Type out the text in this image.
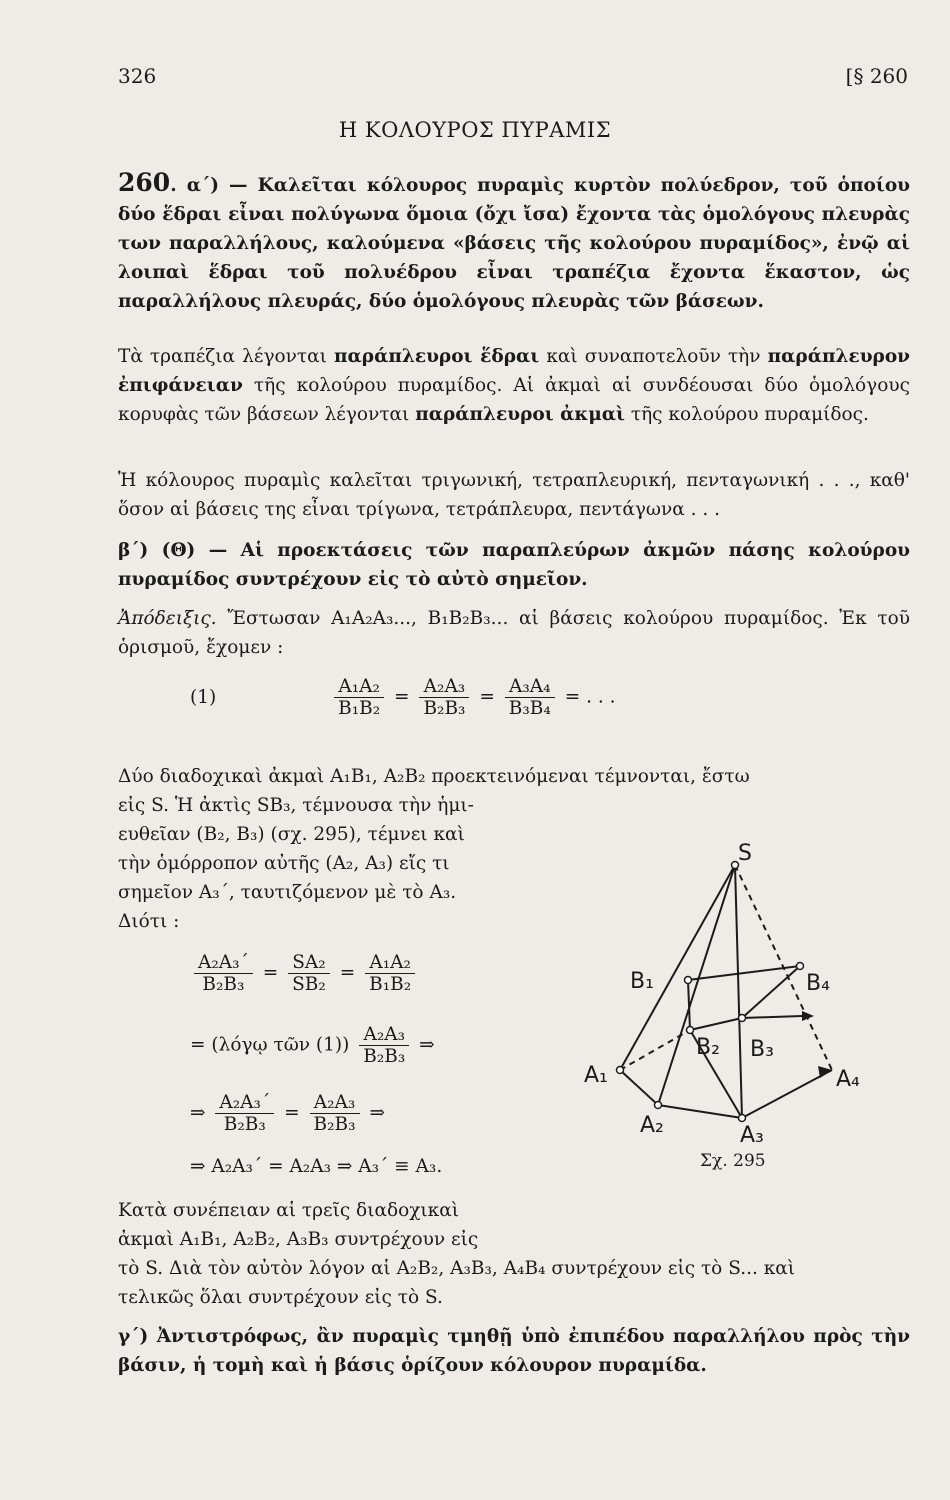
326	[§ 260
Η ΚΟΛΟΥΡΟΣ ΠΥΡΑΜΙΣ
260. α΄) — Καλεῖται κόλουρος πυραμὶς κυρτὸν πολύεδρον, τοῦ ὁποίου δύο ἕδραι εἶναι πολύγωνα ὅμοια (ὄχι ἴσα) ἔχοντα τὰς ὁμολόγους πλευρὰς των παραλλήλους, καλούμενα «βάσεις τῆς κολούρου πυραμίδος», ἐνῷ αἱ λοιπαὶ ἕδραι τοῦ πολυέδρου εἶναι τραπέζια ἔχοντα ἕκαστον, ὡς παραλλήλους πλευράς, δύο ὁμολόγους πλευρὰς τῶν βάσεων.
Τὰ τραπέζια λέγονται παράπλευροι ἕδραι καὶ συναποτελοῦν τὴν παράπλευρον ἐπιφάνειαν τῆς κολούρου πυραμίδος. Αἱ ἀκμαὶ αἱ συνδέουσαι δύο ὁμολόγους κορυφὰς τῶν βάσεων λέγονται παράπλευροι ἀκμαὶ τῆς κολούρου πυραμίδος.
Ἡ κόλουρος πυραμὶς καλεῖται τριγωνική, τετραπλευρική, πενταγωνική . . ., καθ' ὅσον αἱ βάσεις της εἶναι τρίγωνα, τετράπλευρα, πεντάγωνα . . .
β΄) (Θ) — Αἱ προεκτάσεις τῶν παραπλεύρων ἀκμῶν πάσης κολούρου πυραμίδος συντρέχουν εἰς τὸ αὐτὸ σημεῖον.
Ἀπόδειξις. Ἔστωσαν A₁A₂A₃..., B₁B₂B₃... αἱ βάσεις κολούρου πυραμίδος. Ἐκ τοῦ ὁρισμοῦ, ἔχομεν :
(1)	$\frac{\text{A₁A₂}}{\text{B₁B₂}} = \frac{\text{A₂A₃}}{\text{B₂B₃}} = \frac{\text{A₃A₄}}{\text{B₃B₄}}$ = . . .
Δύο διαδοχικαὶ ἀκμαὶ A₁B₁, A₂B₂ προεκτεινόμεναι τέμνονται, ἔστω
εἰς S. Ἡ ἀκτὶς SB₃, τέμνουσα τὴν ἡμι-
ευθεῖαν (B₂, B₃) (σχ. 295), τέμνει καὶ
τὴν ὁμόρροπον αὐτῆς (A₂, A₃) εἴς τι
σημεῖον A₃΄, ταυτιζόμενον μὲ τὸ A₃.
Διότι :
$\frac{\text{A₂A₃΄}}{\text{B₂B₃}} = \frac{\text{SA₂}}{\text{SB₂}} = \frac{\text{A₁A₂}}{\text{B₁B₂}}$
= (λόγῳ τῶν $(1)) \frac{\text{A₂A₃}}{\text{B₂B₃}}$ ⇒
⇒ $\frac{\text{A₂A₃΄}}{\text{B₂B₃}} = \frac{\text{A₂A₃}}{\text{B₂B₃}}$ ⇒
⇒ A₂A₃΄ = A₂A₃ ⇒ A₃΄ ≡ A₃.
Κατὰ συνέπειαν αἱ τρεῖς διαδοχικαὶ
ἀκμαὶ A₁B₁, A₂B₂, A₃B₃ συντρέχουν εἰς
τὸ S. Διὰ τὸν αὐτὸν λόγον αἱ A₂B₂, A₃B₃, A₄B₄ συντρέχουν εἰς τὸ S... καὶ
τελικῶς ὅλαι συντρέχουν εἰς τὸ S.
γ΄) Ἀντιστρόφως, ἂν πυραμὶς τμηθῇ ὑπὸ ἐπιπέδου παραλλήλου πρὸς τὴν βάσιν, ἡ τομὴ καὶ ἡ βάσις ὁρίζουν κόλουρον πυραμίδα.
S
B₁	B₄
B₂ B₃
A₁	A₄
A₂	A₃
Σχ. 295
